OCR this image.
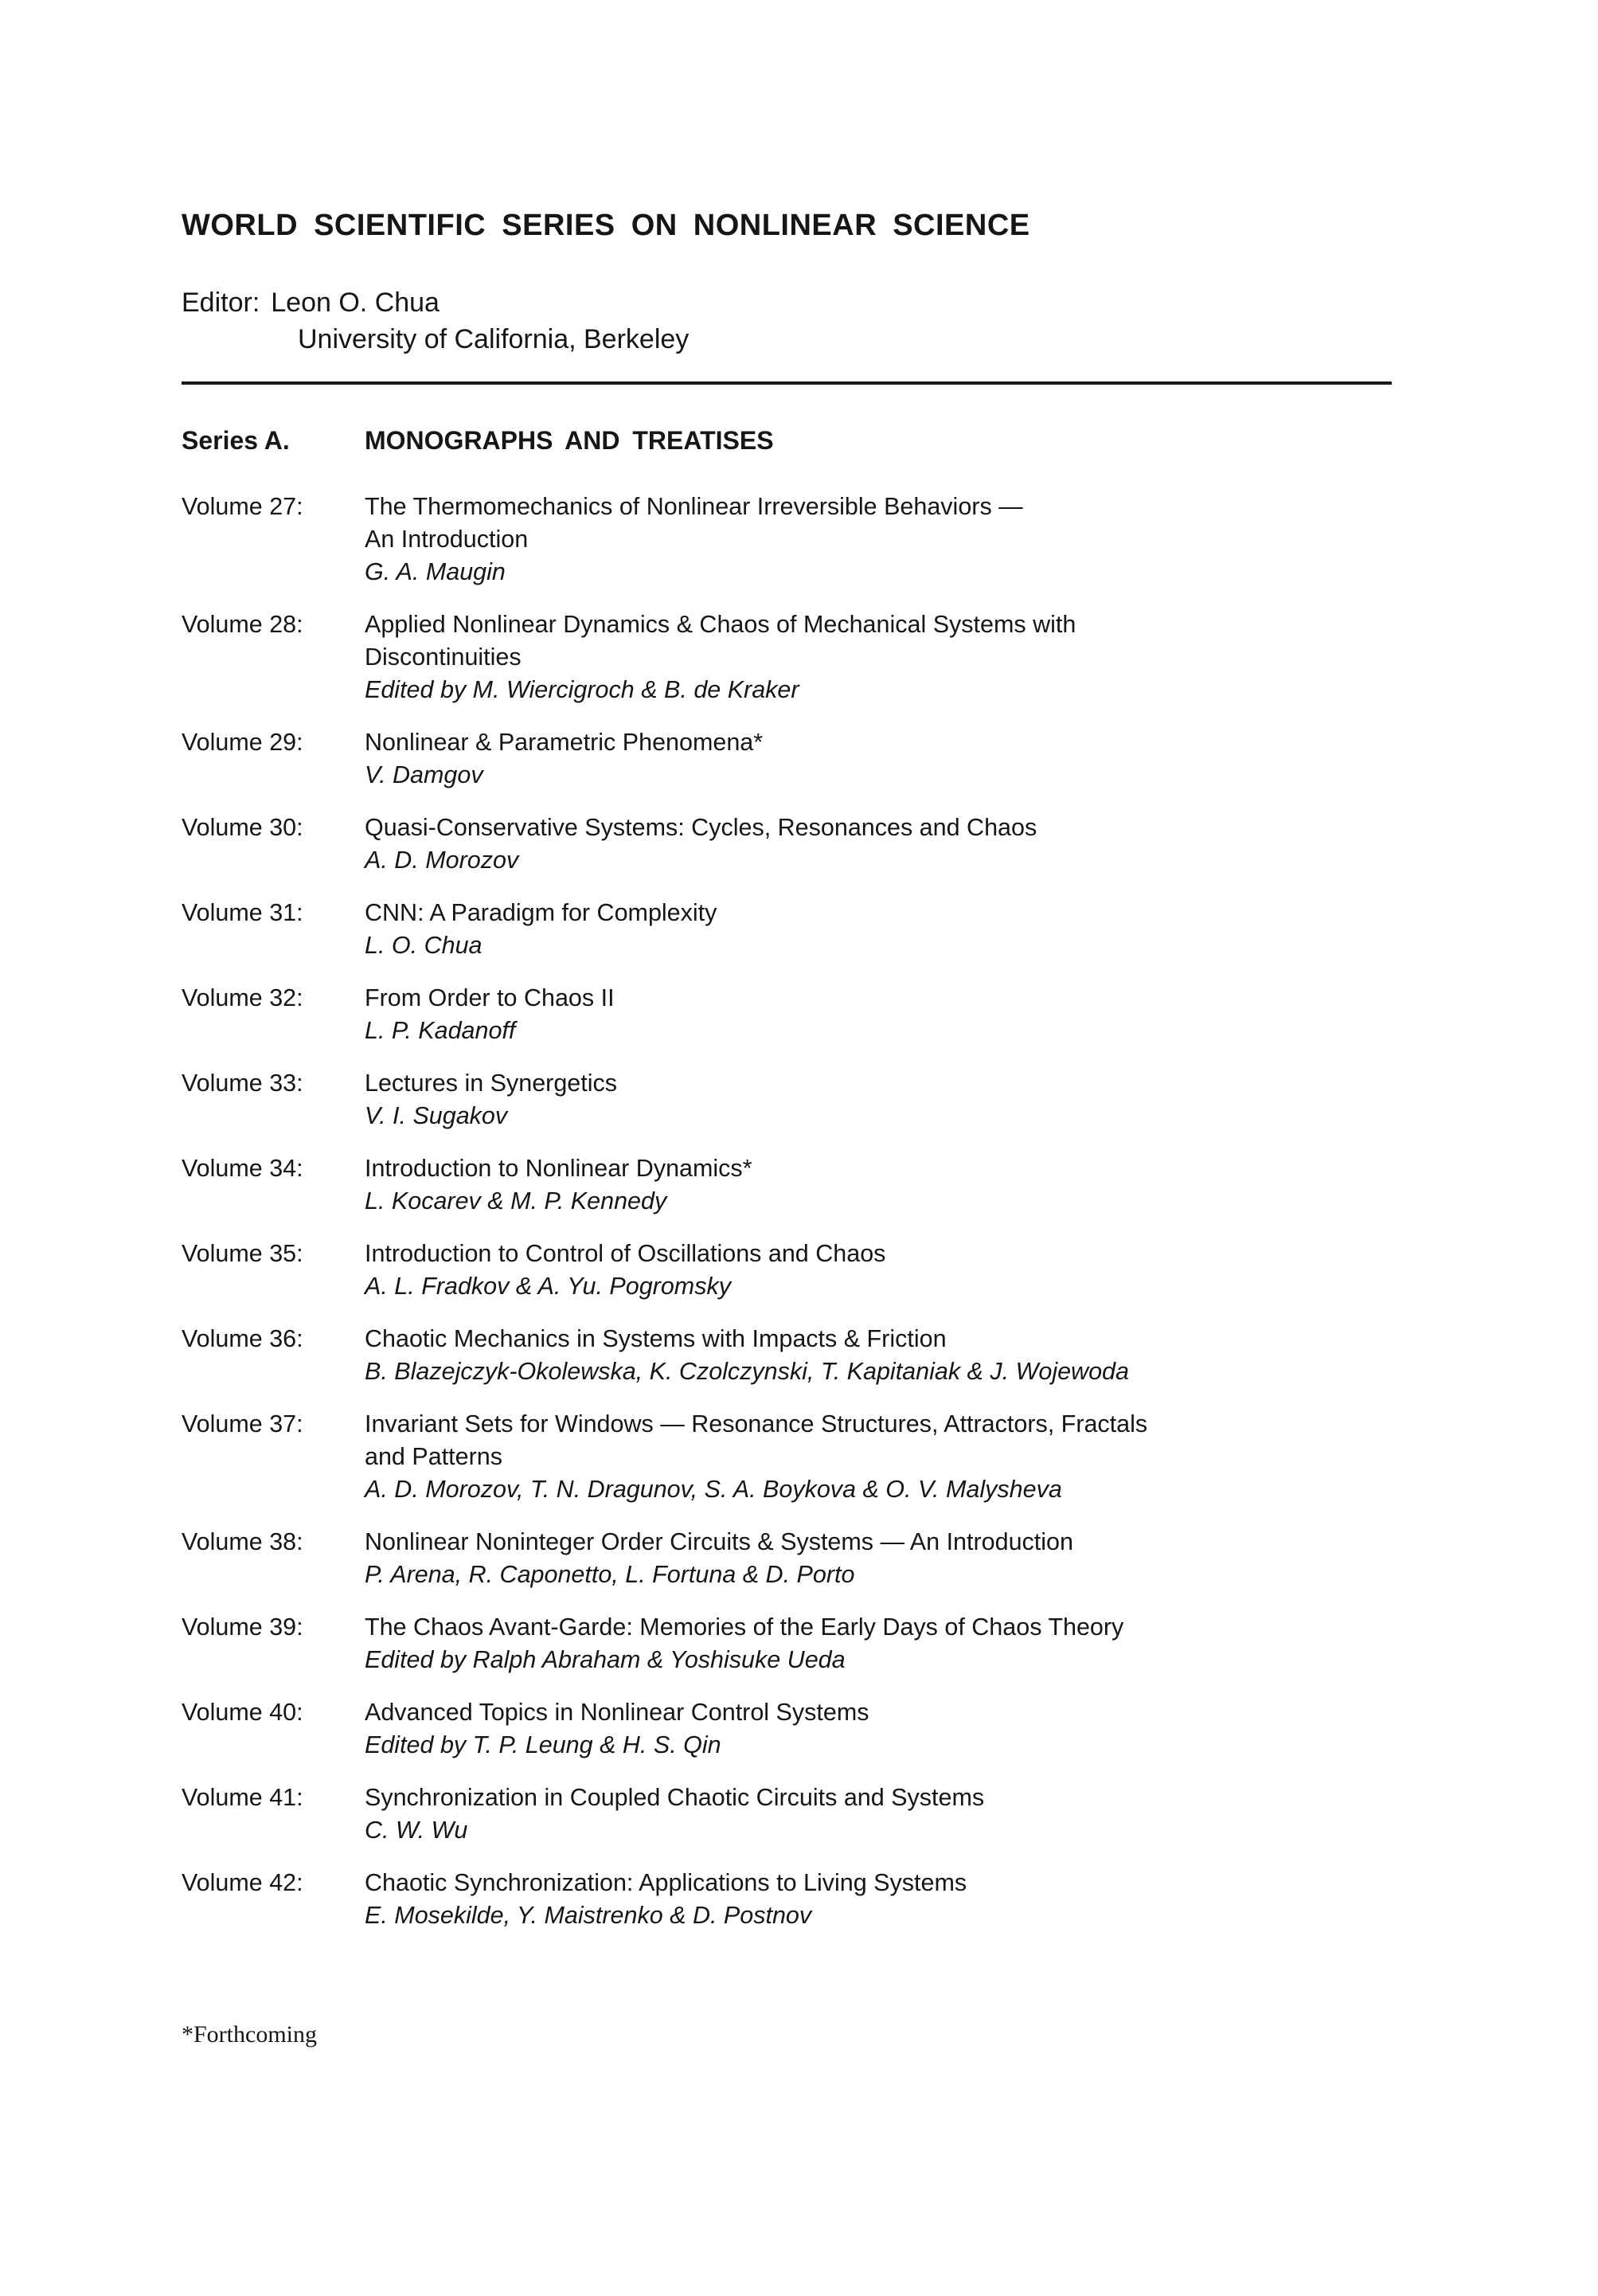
WORLD SCIENTIFIC SERIES ON NONLINEAR SCIENCE
Editor: Leon O. Chua
University of California, Berkeley
Series A.	MONOGRAPHS AND TREATISES
Volume 27:	The Thermomechanics of Nonlinear Irreversible Behaviors —
An Introduction
G. A. Maugin
Volume 28:	Applied Nonlinear Dynamics & Chaos of Mechanical Systems with
Discontinuities
Edited by M. Wiercigroch & B. de Kraker
Volume 29:	Nonlinear & Parametric Phenomena*
V. Damgov
Volume 30:	Quasi-Conservative Systems: Cycles, Resonances and Chaos
A. D. Morozov
Volume 31:	CNN: A Paradigm for Complexity
L. O. Chua
Volume 32:	From Order to Chaos II
L. P. Kadanoff
Volume 33:	Lectures in Synergetics
V. I. Sugakov
Volume 34:	Introduction to Nonlinear Dynamics*
L. Kocarev & M. P. Kennedy
Volume 35:	Introduction to Control of Oscillations and Chaos
A. L. Fradkov & A. Yu. Pogromsky
Volume 36:	Chaotic Mechanics in Systems with Impacts & Friction
B. Blazejczyk-Okolewska, K. Czolczynski, T. Kapitaniak & J. Wojewoda
Volume 37:	Invariant Sets for Windows — Resonance Structures, Attractors, Fractals
and Patterns
A. D. Morozov, T. N. Dragunov, S. A. Boykova & O. V. Malysheva
Volume 38:	Nonlinear Noninteger Order Circuits & Systems — An Introduction
P. Arena, R. Caponetto, L. Fortuna & D. Porto
Volume 39:	The Chaos Avant-Garde: Memories of the Early Days of Chaos Theory
Edited by Ralph Abraham & Yoshisuke Ueda
Volume 40:	Advanced Topics in Nonlinear Control Systems
Edited by T. P. Leung & H. S. Qin
Volume 41:	Synchronization in Coupled Chaotic Circuits and Systems
C. W. Wu
Volume 42:	Chaotic Synchronization: Applications to Living Systems
E. Mosekilde, Y. Maistrenko & D. Postnov
*Forthcoming
